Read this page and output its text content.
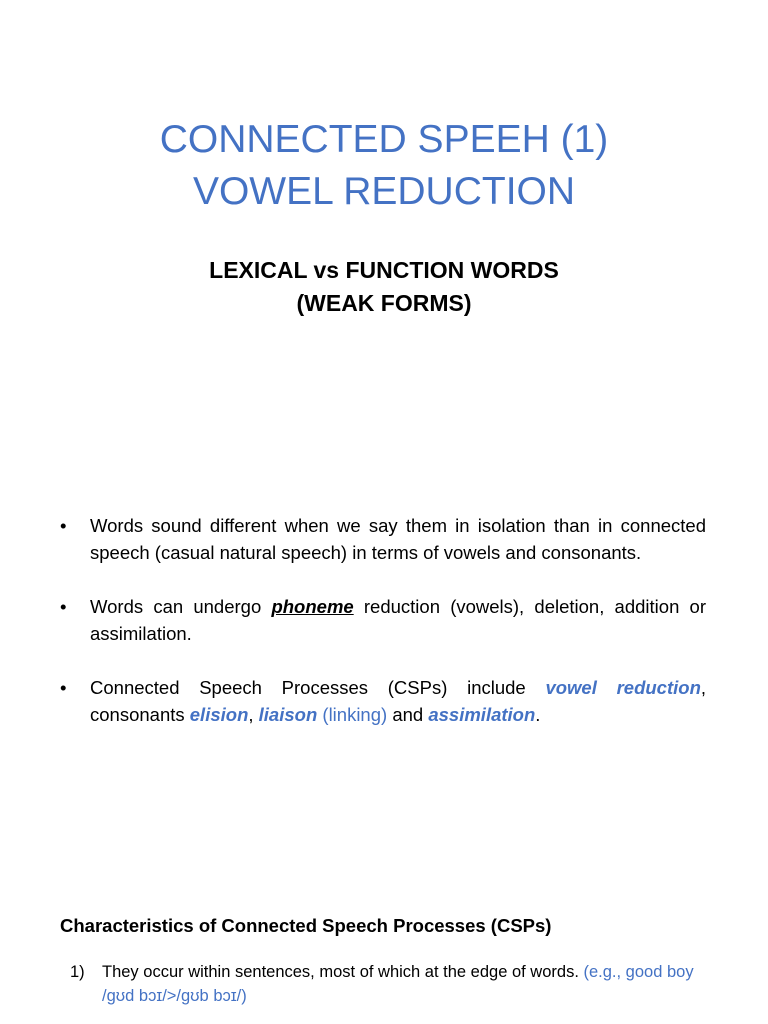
CONNECTED SPEEH (1)
VOWEL REDUCTION
LEXICAL vs FUNCTION WORDS
(WEAK FORMS)
• Words sound different when we say them in isolation than in connected speech (casual natural speech) in terms of vowels and consonants.
• Words can undergo phoneme reduction (vowels), deletion, addition or assimilation.
• Connected Speech Processes (CSPs) include vowel reduction, consonants elision, liaison (linking) and assimilation.
Characteristics of Connected Speech Processes (CSPs)
1) They occur within sentences, most of which at the edge of words. (e.g., good boy /gʊd bɔɪ/>/gʊb bɔɪ/)
